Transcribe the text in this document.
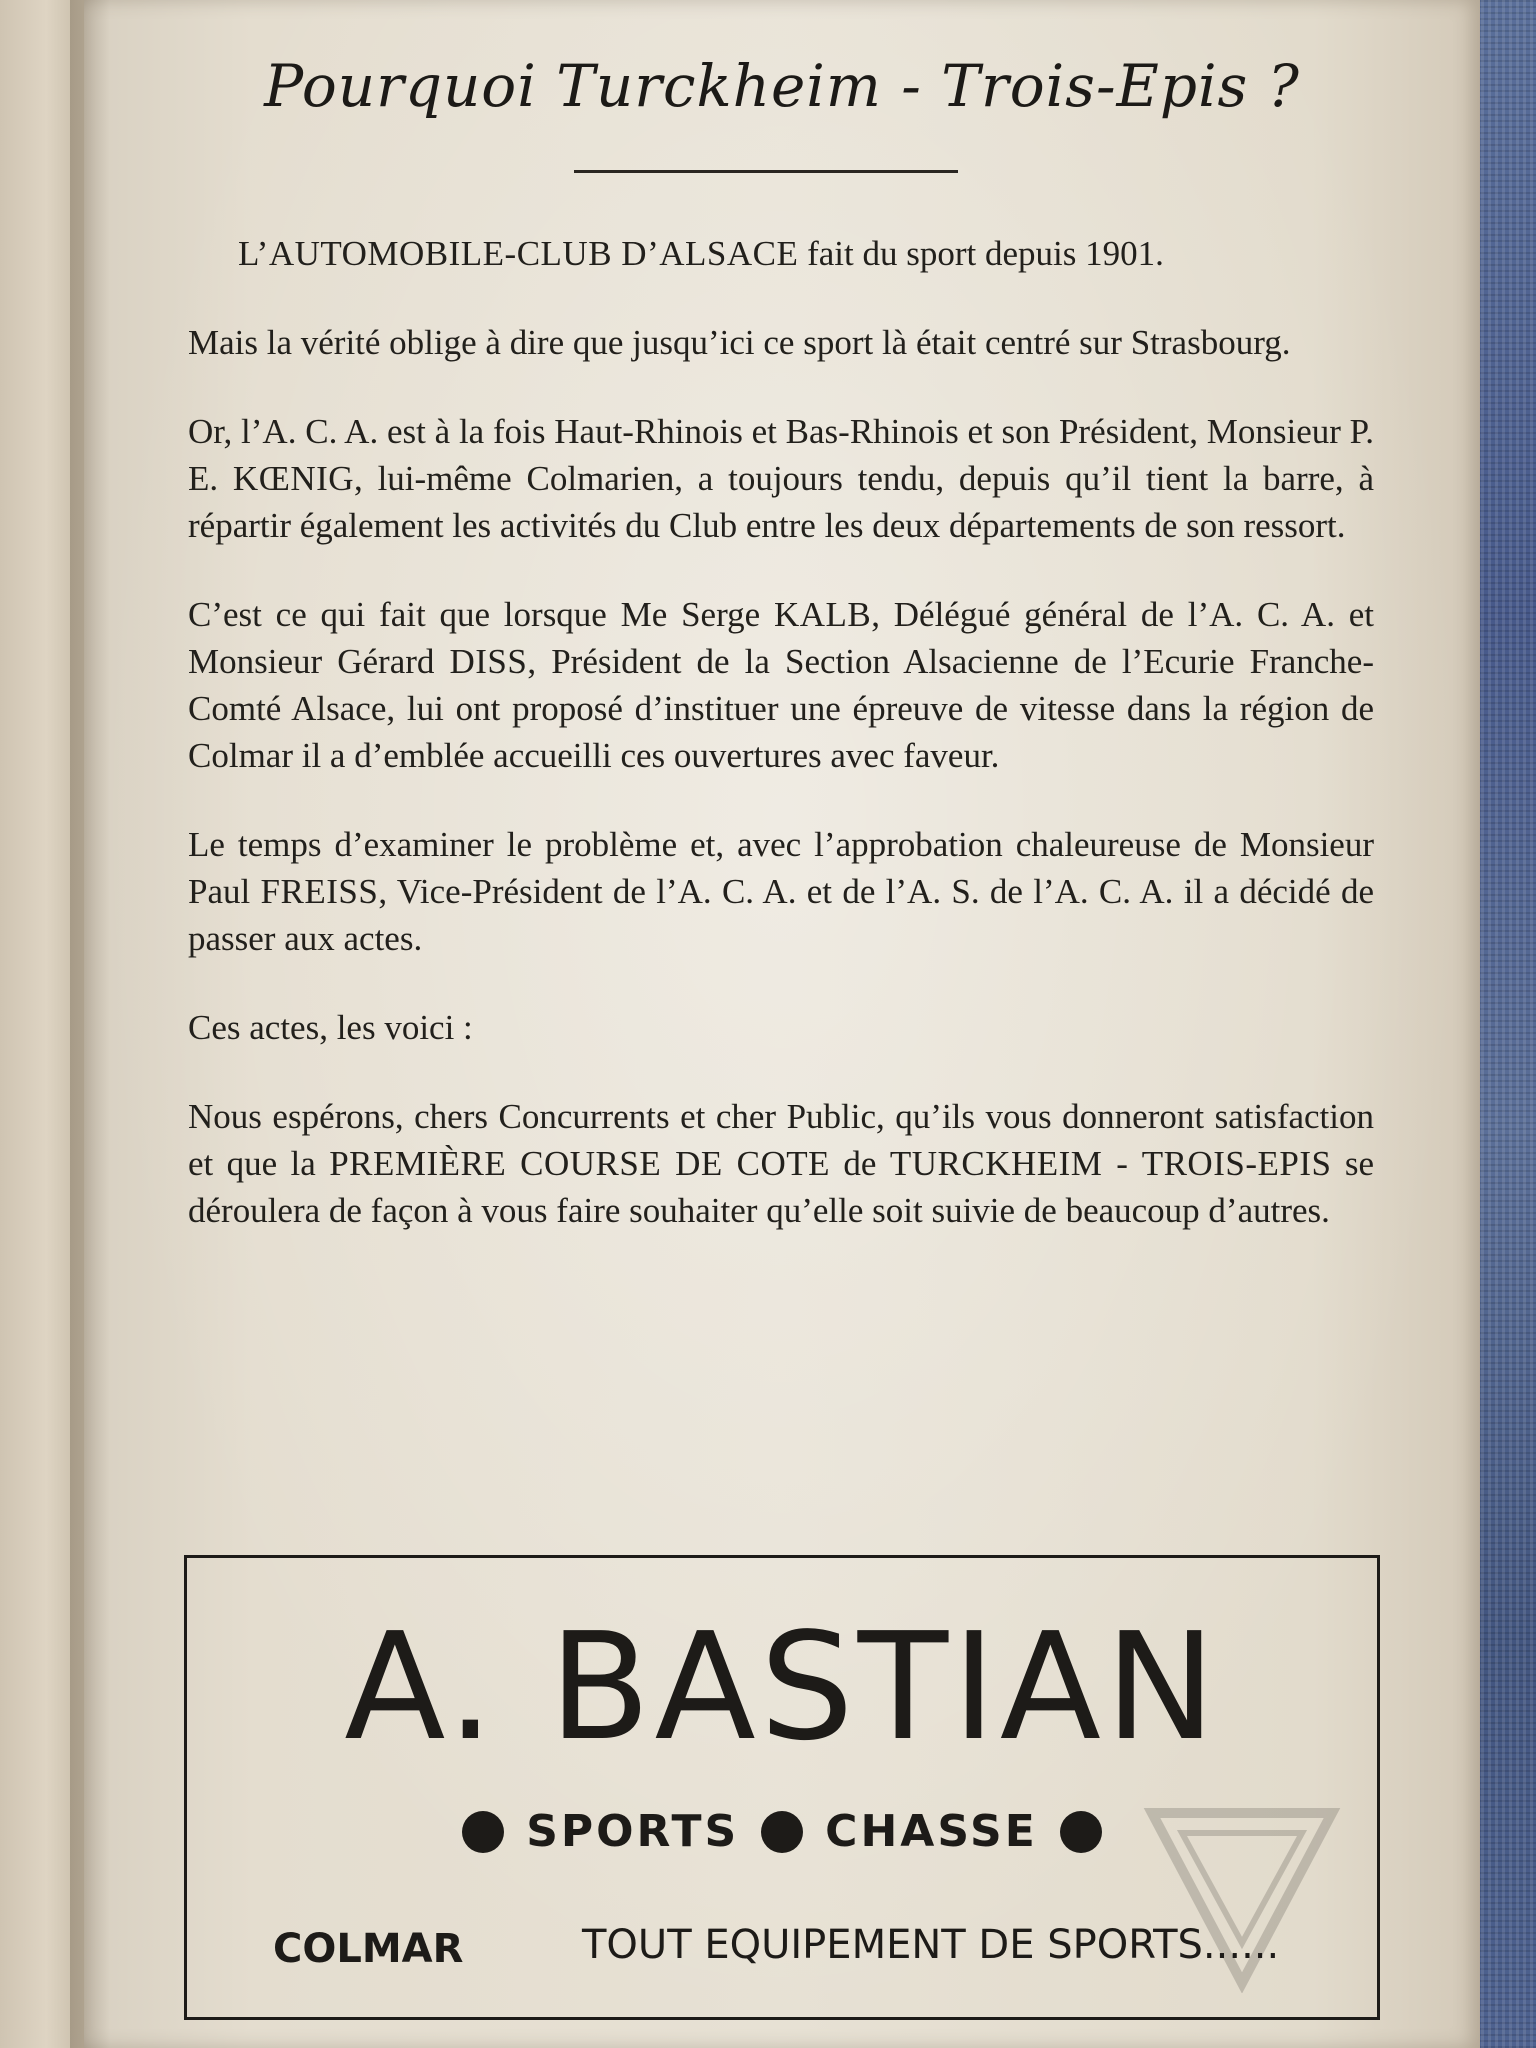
Pourquoi Turckheim - Trois-Epis ?

L’AUTOMOBILE-CLUB D’ALSACE fait du sport depuis 1901.

Mais la vérité oblige à dire que jusqu’ici ce sport là était centré sur Strasbourg.

Or, l’A. C. A. est à la fois Haut-Rhinois et Bas-Rhinois et son Président, Monsieur P. E. KŒNIG, lui-même Colmarien, a toujours tendu, depuis qu’il tient la barre, à répartir également les activités du Club entre les deux départements de son ressort.

C’est ce qui fait que lorsque Me Serge KALB, Délégué général de l’A. C. A. et Monsieur Gérard DISS, Président de la Section Alsacienne de l’Ecurie Franche-Comté Alsace, lui ont proposé d’instituer une épreuve de vitesse dans la région de Colmar il a d’emblée accueilli ces ouvertures avec faveur.

Le temps d’examiner le problème et, avec l’approbation chaleureuse de Monsieur Paul FREISS, Vice-Président de l’A. C. A. et de l’A. S. de l’A. C. A. il a décidé de passer aux actes.

Ces actes, les voici :

Nous espérons, chers Concurrents et cher Public, qu’ils vous donneront satisfaction et que la PREMIÈRE COURSE DE COTE de TURCKHEIM - TROIS-EPIS se déroulera de façon à vous faire souhaiter qu’elle soit suivie de beaucoup d’autres.

A. BASTIAN
SPORTS CHASSE
COLMAR	TOUT EQUIPEMENT DE SPORTS......
